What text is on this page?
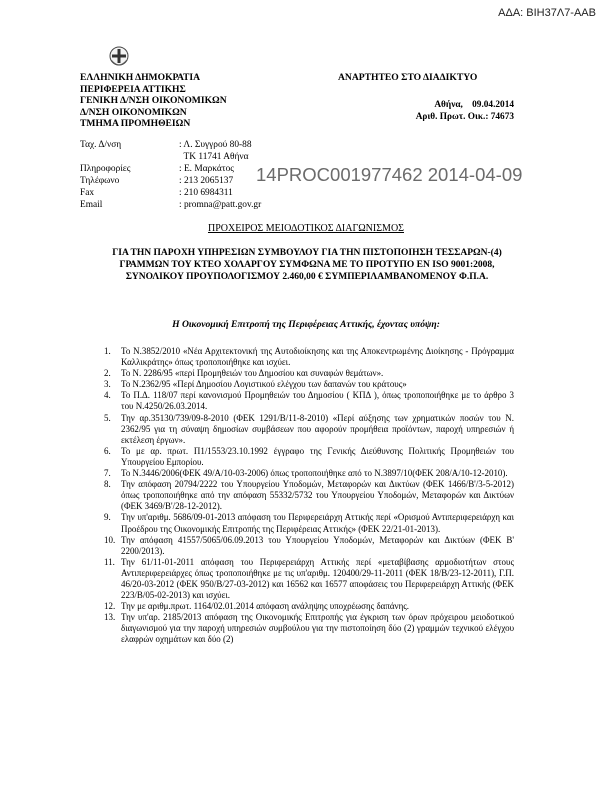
ΑΔΑ: ΒΙΗ37Λ7-ΑΑΒ
ΕΛΛΗΝΙΚΗ ΔΗΜΟΚΡΑΤΙΑ
ΠΕΡΙΦΕΡΕΙΑ ΑΤΤΙΚΗΣ
ΓΕΝΙΚΗ Δ/ΝΣΗ ΟΙΚΟΝΟΜΙΚΩΝ
Δ/ΝΣΗ ΟΙΚΟΝΟΜΙΚΩΝ
ΤΜΗΜΑ ΠΡΟΜΗΘΕΙΩΝ
ΑΝΑΡΤΗΤΕΟ ΣΤΟ ΔΙΑΔΙΚΤΥΟ
Αθήνα,    09.04.2014
Αριθ. Πρωτ. Οικ.: 74673
Ταχ. Δ/νση	: Λ. Συγγρού 80-88
ΤΚ 11741 Αθήνα
Πληροφορίες	: Ε. Μαρκάτος
Τηλέφωνο	: 213 2065137
Fax	: 210 6984311
Email	: promna@patt.gov.gr
14PROC001977462 2014-04-09
ΠΡΟΧΕΙΡΟΣ ΜΕΙΟΔΟΤΙΚΟΣ ΔΙΑΓΩΝΙΣΜΟΣ
ΓΙΑ ΤΗΝ ΠΑΡΟΧΗ ΥΠΗΡΕΣΙΩΝ ΣΥΜΒΟΥΛΟΥ ΓΙΑ ΤΗΝ ΠΙΣΤΟΠΟΙΗΣΗ ΤΕΣΣΑΡΩΝ-(4) ΓΡΑΜΜΩΝ ΤΟΥ ΚΤΕΟ ΧΟΛΑΡΓΟΥ ΣΥΜΦΩΝΑ ΜΕ ΤΟ ΠΡΟΤΥΠΟ EN ISO 9001:2008, ΣΥΝΟΛΙΚΟΥ ΠΡΟΥΠΟΛΟΓΙΣΜΟΥ 2.460,00 € ΣΥΜΠΕΡΙΛΑΜΒΑΝΟΜΕΝΟΥ Φ.Π.Α.
Η Οικονομική Επιτροπή της Περιφέρειας Αττικής, έχοντας υπόψη:
1. Το Ν.3852/2010 «Νέα Αρχιτεκτονική της Αυτοδιοίκησης και της Αποκεντρωμένης Διοίκησης - Πρόγραμμα Καλλικράτης» όπως τροποποιήθηκε και ισχύει.
2. Το Ν. 2286/95 «περί Προμηθειών του Δημοσίου και συναφών θεμάτων».
3. Το Ν.2362/95 «Περί Δημοσίου Λογιστικού ελέγχου των δαπανών του κράτους»
4. Το Π.Δ. 118/07 περί κανονισμού Προμηθειών του Δημοσίου ( ΚΠΔ ), όπως τροποποιήθηκε με το άρθρο 3 του Ν.4250/26.03.2014.
5. Την αρ.35130/739/09-8-2010 (ΦΕΚ 1291/Β/11-8-2010) «Περί αύξησης των χρηματικών ποσών του Ν. 2362/95 για τη σύναψη δημοσίων συμβάσεων που αφορούν προμήθεια προϊόντων, παροχή υπηρεσιών ή εκτέλεση έργων».
6. Το με αρ. πρωτ. Π1/1553/23.10.1992 έγγραφο της Γενικής Διεύθυνσης Πολιτικής Προμηθειών του Υπουργείου Εμπορίου.
7. Το Ν.3446/2006(ΦΕΚ 49/Α/10-03-2006) όπως τροποποιήθηκε από το Ν.3897/10(ΦΕΚ 208/Α/10-12-2010).
8. Την απόφαση 20794/2222 του Υπουργείου Υποδομών, Μεταφορών και Δικτύων (ΦΕΚ 1466/Β'/3-5-2012) όπως τροποποιήθηκε από την απόφαση 55332/5732 του Υπουργείου Υποδομών, Μεταφορών και Δικτύων (ΦΕΚ 3469/Β'/28-12-2012).
9. Την υπ'αριθμ. 5686/09-01-2013 απόφαση του Περιφερειάρχη Αττικής περί «Ορισμού Αντιπεριφερειάρχη και Προέδρου της Οικονομικής Επιτροπής της Περιφέρειας Αττικής» (ΦΕΚ 22/21-01-2013).
10. Την απόφαση 41557/5065/06.09.2013 του Υπουργείου Υποδομών, Μεταφορών και Δικτύων (ΦΕΚ Β' 2200/2013).
11. Την 61/11-01-2011 απόφαση του Περιφερειάρχη Αττικής περί «μεταβίβασης αρμοδιοτήτων στους Αντιπεριφερειάρχες όπως τροποποιήθηκε με τις υπ'αριθμ. 120400/29-11-2011 (ΦΕΚ 18/Β/23-12-2011), Γ.Π. 46/20-03-2012 (ΦΕΚ 950/Β/27-03-2012) και 16562 και 16577 αποφάσεις του Περιφερειάρχη Αττικής (ΦΕΚ 223/Β/05-02-2013) και ισχύει.
12. Την με αριθμ.πρωτ. 1164/02.01.2014 απόφαση ανάληψης υποχρέωσης δαπάνης.
13. Την υπ'αρ. 2185/2013 απόφαση της Οικονομικής Επιτροπής για έγκριση των όρων πρόχειρου μειοδοτικού διαγωνισμού για την παροχή υπηρεσιών συμβούλου για την πιστοποίηση δύο (2) γραμμών τεχνικού ελέγχου ελαφρών οχημάτων και δύο (2)
